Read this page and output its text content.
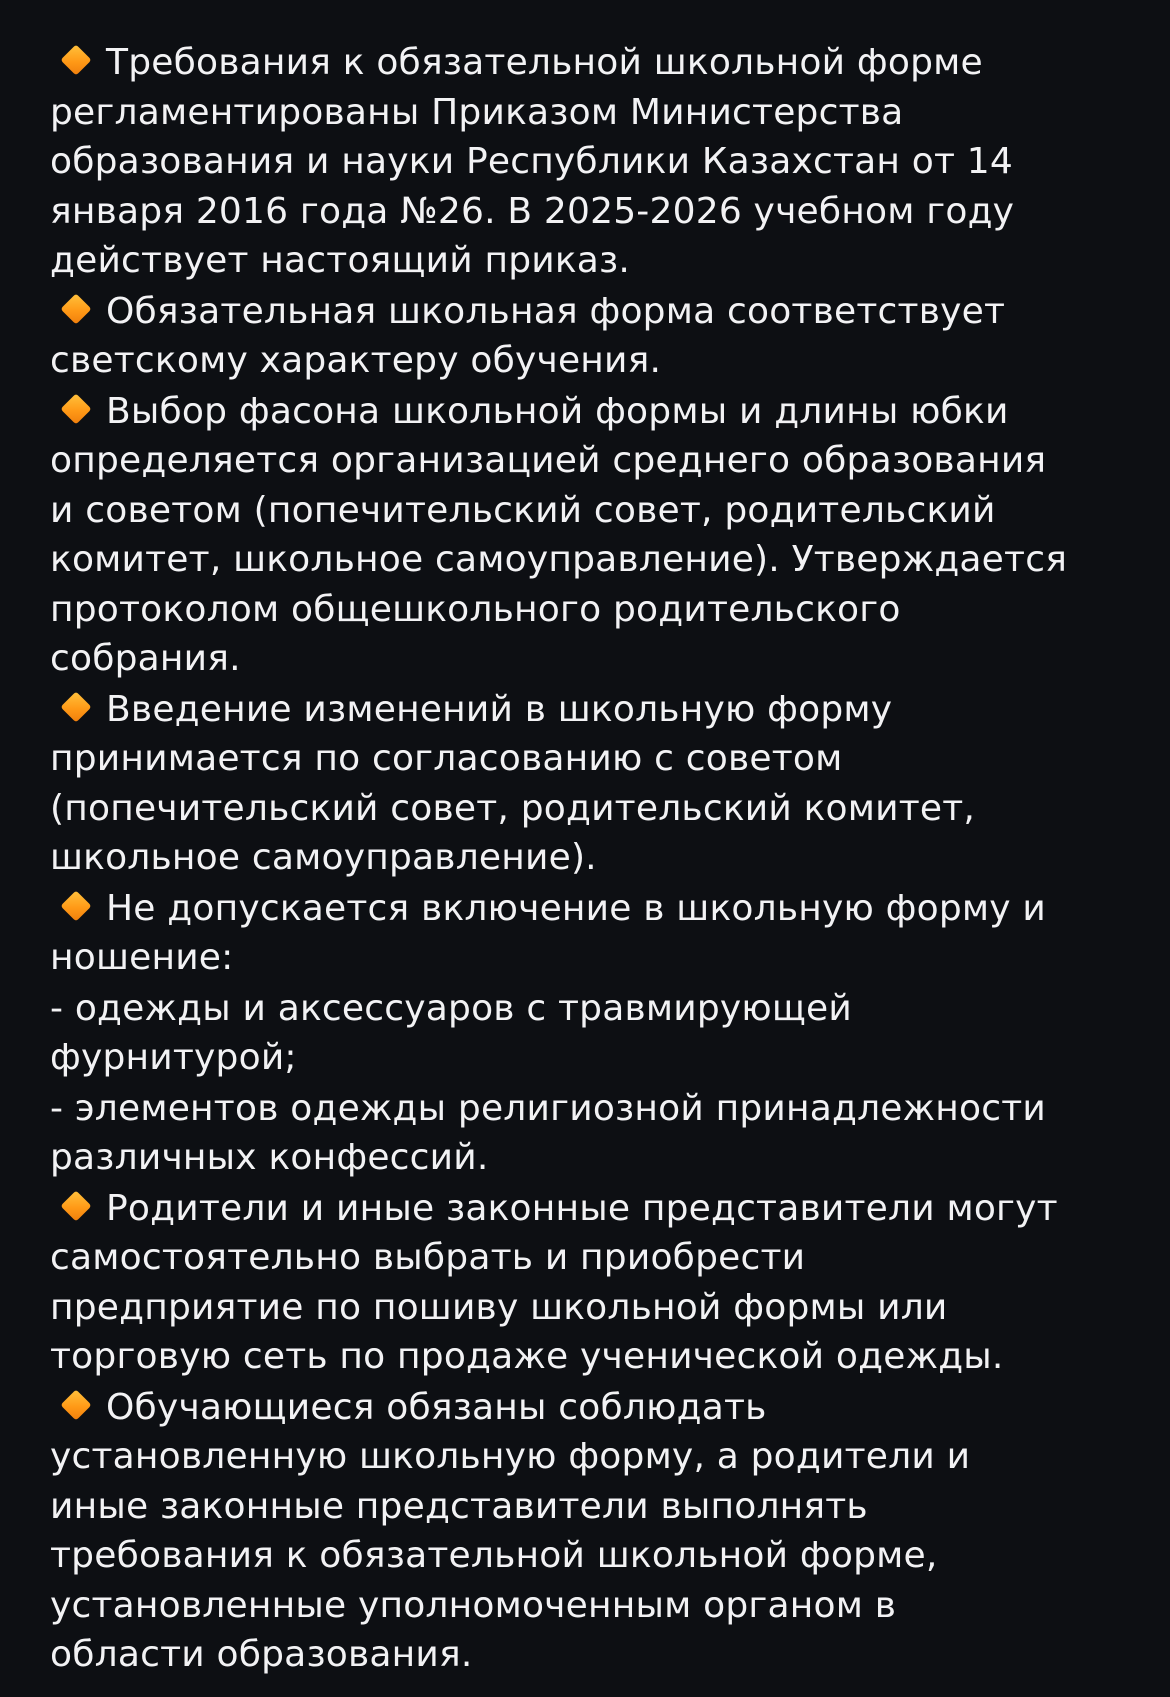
Требования к обязательной школьной форме
регламентированы Приказом Министерства
образования и науки Республики Казахстан от 14
января 2016 года №26. В 2025-2026 учебном году
действует настоящий приказ.

Обязательная школьная форма соответствует
светскому характеру обучения.

Выбор фасона школьной формы и длины юбки
определяется организацией среднего образования
и советом (попечительский совет, родительский
комитет, школьное самоуправление). Утверждается
протоколом общешкольного родительского
собрания.

Введение изменений в школьную форму
принимается по согласованию с советом
(попечительский совет, родительский комитет,
школьное самоуправление).

Не допускается включение в школьную форму и
ношение:

- одежды и аксессуаров с травмирующей
фурнитурой;

- элементов одежды религиозной принадлежности
различных конфессий.

Родители и иные законные представители могут
самостоятельно выбрать и приобрести
предприятие по пошиву школьной формы или
торговую сеть по продаже ученической одежды.

Обучающиеся обязаны соблюдать
установленную школьную форму, а родители и
иные законные представители выполнять
требования к обязательной школьной форме,
установленные уполномоченным органом в
области образования.
